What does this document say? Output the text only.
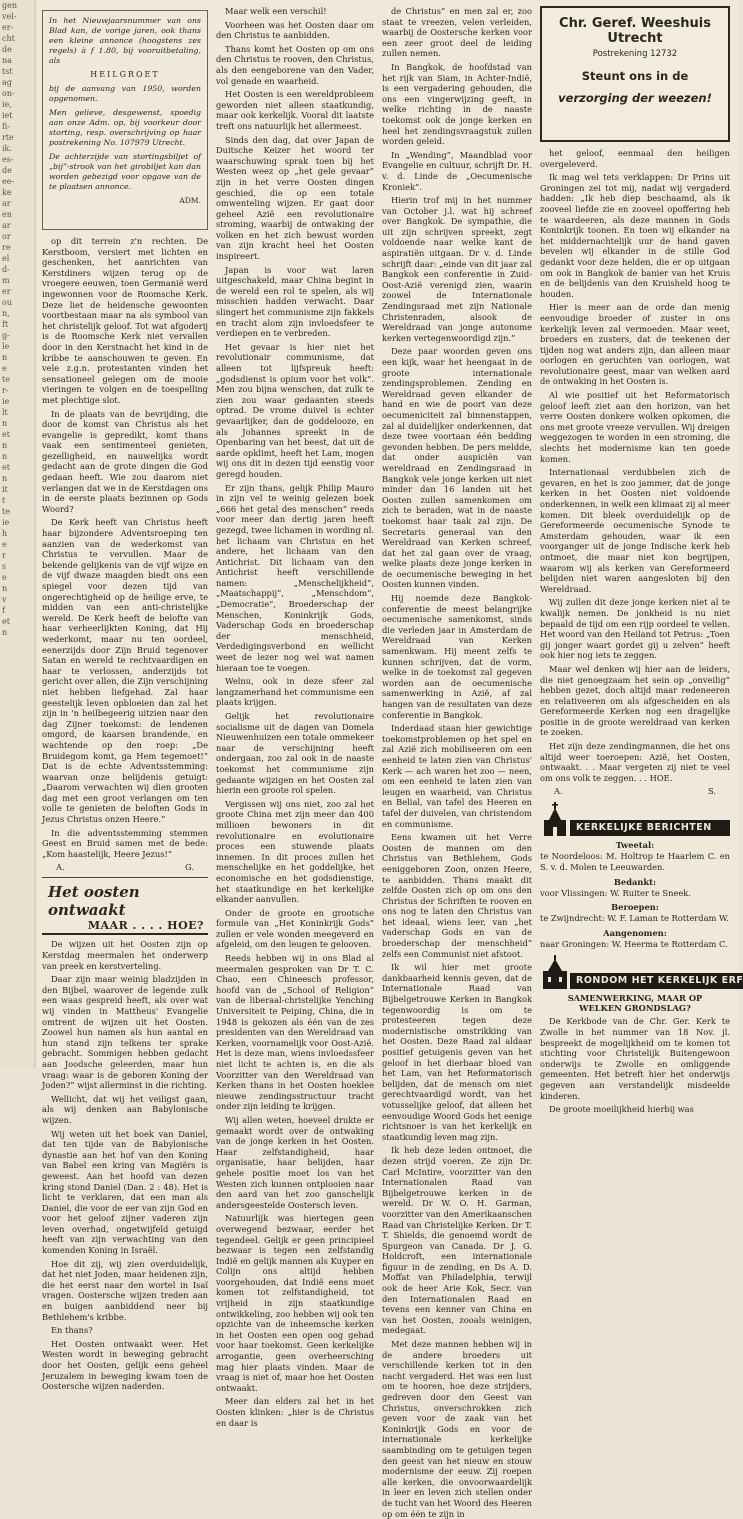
gen
vel-
er-
cht
de
na
tst
ag
on-
ie,
iet
fi-
rte
ik.
es-
de
ee-
ke
ar
en
ar
or
re
el
d-
m
er
ou
n,
ft
g-
le
n
e
te
r-
ie
lt
n
et
n
n
et
n
it
t
te
ie
h
e
r
s
e
n
v
f
et
n

In het Nieuwjaarsnummer van ons Blad kan, de vorige jaren, ook thans een kleine annonce (hoogstens zes regels) à f 1.80, bij vooruitbetaling, als

HEILGROET

bij de aanvang van 1950, worden opgenomen.

Men gelieve, desgewenst, spoedig aan onze Adm. op, bij voorkeur door storting, resp. overschrijving op haar postrekening No. 107979 Utrecht.

De achterzijde van stortingsbiljet of „bij”-strook van het girobiljet kan dan worden gebezigd voor opgave van de te plaatsen annonce.

ADM.

op dit terrein z'n rechten. De Kerstboom, versiert met lichten en geschenken, het aanrichten van Kerstdiners wijzen terug op de vroegere eeuwen, toen Germanië werd ingewonnen voor de Roomsche Kerk. Deze liet de heidensche gewoonten voortbestaan maar na als symbool van het christelijk geloof. Tot wat afgoderij is de Roomsche Kerk niet vervallen door in den Kerstnacht het kind in de kribbe te aanschouwen te geven. En vele z.g.n. protestanten vinden het sensationeel gelegen om de mooie vieringen te volgen en de toespelling met plechtige slot.

In de plaats van de bevrijding, die door de komst van Christus als het evangelie is gepredikt, komt thans vaak een sentimenteel genieten, gezelligheid, en nauwelijks wordt gedacht aan de grote dingen die God gedaan heeft. Wie zou daarom niet verlangen dat we in de Kerstdagen ons in de eerste plaats bezinnen op Gods Woord?

De Kerk heeft van Christus heeft haar bijzondere Adventsroeping ten aanzien van de wederkomst van Christus te vervullen. Maar de bekende gelijkenis van de vijf wijze en de vijf dwaze maagden biedt ons een spiegel voor dezen tijd van ongerechtigheid op de heilige erve, te midden van een anti-christelijke wereld. De Kerk heeft de belofte van haar verheerlijkten Koning, dat Hij wederkomt, maar nu ten oordeel, eenerzijds door Zijn Bruid tegenover Satan en wereld te rechtvaardigen en haar te verlossen, anderzijds tot gericht over allen, die Zijn verschijning niet hebben liefgehad. Zal haar geestelijk leven opbloeien dan zal het zijn in 'n heilbegeerig uitzien naar den dag Zijner toekomst: de lendenen omgord, de kaarsen brandende, en wachtende op den roep: „De Bruidegom komt, ga Hem tegemoet!” Dat is de echte Adventsstemming: waarvan onze belijdenis getuigt: „Daarom verwachten wij dien grooten dag met een groot verlangen om ten volle te genieten de beloften Gods in Jezus Christus onzen Heere.”

In die adventsstemming stemmen Geest en Bruid samen met de bede: „Kom haastelijk, Heere Jezus!”

A.	G.
Het oosten ontwaakt
MAAR . . . . HOE?

De wijzen uit het Oosten zijn op Kerstdag meermalen het onderwerp van preek en kerstverteling.

Daar zijn maar weinig bladzijden in den Bijbel, waarover de legende zulk een waas gespreid heeft, als over wat wij vinden in Mattheus' Evangelie omtrent de wijzen uit het Oosten. Zoowel hun namen als hun aantal en hun stand zijn telkens ter sprake gebracht. Sommigen hebben gedacht aan Joodsche geleerden, maar hun vraag: waar is de geboren Koning der Joden?” wijst allerminst in die richting.

Wellicht, dat wij het veiligst gaan, als wij denken aan Babylonische wijzen.

Wij weten uit het boek van Daniel, dat ten tijde van de Babylonische dynastie aan het hof van den Koning van Babel een kring van Magiërs is geweest. Aan het hoofd van dezen kring stond Daniel (Dan. 2 : 48). Het is licht te verklaren, dat een man als Daniel, die voor de eer van zijn God en voor het geloof zijner vaderen zijn leven overhad, ongetwijfeld getuigd heeft van zijn verwachting van den komenden Koning in Israël.

Hoe dit zij, wij zien overduidelijk, dat het niet Joden, maar heidenen zijn, die het eerst naar den wortel in Isaï vragen. Oostersche wijzen treden aan en buigen aanbiddend neer bij Bethlehem's kribbe.

En thans?

Het Oosten ontwaakt weer. Het Westen wordt in beweging gebracht door het Oosten, gelijk eens geheel Jeruzalem in beweging kwam toen de Oostersche wijzen naderden.

Maar welk een verschil!

Voorheen was het Oosten daar om den Christus te aanbidden.

Thans komt het Oosten op om ons den Christus te rooven, den Christus, als den eengeborene van den Vader, vol genade en waarheid.

Het Oosten is een wereldprobleem geworden niet alleen staatkundig, maar ook kerkelijk. Vooral dit laatste treft ons natuurlijk het allermeest.

Sinds den dag, dat over Japan de Duitsche Keizer het woord ter waarschuwing sprak toen bij het Westen weez op „het gele gevaar” zijn in het verre Oosten dingen geschied, die op een totale omwenteling wijzen. Er gaat door geheel Azië een revolutionaire stroming, waarbij de ontwaking der volken en het zich bewust worden van zijn kracht heel het Oosten inspireert.

Japan is voor wat laren uitgeschakeld, maar China begint in de wereld een rol te spelen, als wij misschien hadden verwacht. Daar slingert het communisme zijn fakkels en tracht alom zijn invloedsfeer te verdiepen en te verbreden.

Het gevaar is hier niet het revolutionair communisme, dat alleen tot lijfspreuk heeft: „godsdienst is opium voor het volk”. Men zou bijna wenschen, dat zulk te zien zou waar gedaanten steeds optrad. De vrome duivel is echter gevaarlijker, dan de goddelooze, en als Johannes spreekt in de Openbaring van het beest, dat uit de aarde opklimt, heeft het Lam, mogen wij ons dit in dezen tijd eenstig voor geregd houden.

Er zijn thans, gelijk Philip Mauro in zijn vel te weinig gelezen boek „666 het getal des menschen” reeds voor meer dan dertig jaren heeft gezegd, twee lichamen in wording nl. het lichaam van Christus en het andere, het lichaam van den Antichrist. Dit lichaam van den Antichrist heeft verschillende namen: „Menschelijkheid”, „Maatschappij”, „Menschdom”, „Democratie”, Broederschap der Menschen, Koninkrijk Gods, Vaderschap Gods en broederschap der menschheid, Verdedigingsverbond en wellicht weet de lezer nog wel wat namen hieraan toe te voegen.

Welnu, ook in deze sfeer zal langzamerhand het communisme een plaats krijgen.

Gelijk het revolutionaire socialisme uit de dagen van Domela Nieuwenhuizen een totale ommekeer naar de verschijning heeft ondergaan, zoo zal ook in de naaste toekomst het communisme zijn gedaante wijzigen en het Oosten zal hierin een groote rol spelen.

Vergissen wij ons niet, zoo zal het groote China met zijn meer dan 400 millioen bewoners in dit revolutionaire en evolutionaire proces een stuwende plaats innemen. In dit proces zullen het menschelijke en het goddelijke, het economische en het godsdienstige, het staatkundige en het kerkelijke elkander aanvullen.

Onder de groote en grootsche formule van „Het Koninkrijk Gods” zullen er vele wonden meegeverd en afgeleid, om den leugen te gelooven.

Reeds hebben wij in ons Blad al meermalen gesproken van Dr T. C. Chao, een Chineesch professor, hoofd van de „School of Religion” van de liberaal-christelijke Yenching Universiteit te Peiping, China, die in 1948 is gekozen als één van de zes presidenten van den Wereldraad van Kerken, voornamelijk voor Oost-Azië. Het is deze man, wiens invloedssfeer niet licht te achten is, en die als Voorzitter van den Wereldraad van Kerken thans in het Oosten hoeklee nieuwe zendingsstructuur tracht onder zijn leiding te krijgen.

Wij allen weten, hoeveel drukte er gemaakt wordt over de ontwaking van de jonge kerken in het Oosten. Haar zelfstandigheid, haar organisatie, haar belijden, haar gehele positie moet los van het Westen zich kunnen ontplooien naar den aard van het zoo ganschelijk andersgeestelde Oostersch leven.

Natuurlijk was hiertegen geen overwegend bezwaar, eerder het tegendeel. Gelijk er geen principieel bezwaar is tegen een zelfstandig Indië en gelijk mannen als Kuyper en Colijn ons altijd hebben voorgehouden, dat Indië eens moet komen tot zelfstandigheid, tot vrijheid in zijn staatkundige ontwikkeling, zoo hebben wij ook ten opzichte van de inheemsche kerken in het Oosten een open oog gehad voor haar toekomst. Geen kerkelijke arrogantie, geen overheersching mag hier plaats vinden. Maar de vraag is niet of, maar hoe het Oosten ontwaakt.

Meer dan elders zal het in het Oosten klinken: „hier is de Christus en daar is

de Christus” en men zal er, zoo staat te vreezen, velen verleiden, waarbij de Oostersche kerken voor een zeer groot deel de leiding zullen nemen.

In Bangkok, de hoofdstad van het rijk van Siam, in Achter-Indië, is een vergadering gehouden, die ons een vingerwijzing geeft, in welke richting in de naaste toekomst ook de jonge kerken en heel het zendingsvraagstuk zullen worden geleid.

In „Wending”, Maandblad voor Evangelie en cultuur, schrijft Dr. H. v. d. Linde de „Oecumenische Kroniek”.

Hierin trof mij in het nummer van October j.l. wat hij schreef over Bangkok. De sympathie, die uit zijn schrijven spreekt, zegt voldoende naar welke kant de aspiratiën uitgaan. Dr v. d. Linde schrijft daar: „einde van dit jaar zal Bangkok een conferentie in Zuid-Oost-Azië verenigd zien, waarin zoowel de Internationale Zendingsraad met zijn Nationale Christenraden, alsook de Wereldraad van jonge autonome kerken vertegenwoordigd zijn.”

Deze paar woorden geven ons een kijk, waar het heengaat in de groote internationale zendingsproblemen. Zending en Wereldraad geven elkander de hand en wie de poort van deze oecumeniciteit zal binnenstappen, zal al duidelijker onderkennen, dat deze twee voortaan één bedding gevonden hebben. De pers meldde, dat onder auspiciën van wereldraad en Zendingsraad in Bangkok vele jonge kerken uit niet minder dan 16 landen uit het Oosten zullen samenkomen om zich te beraden, wat in de naaste toekomst haar taak zal zijn. De Secretaris generaal van den Wereldraad van Kerken schreef, dat het zal gaan over de vraag, welke plaats deze jonge kerken in de oecumenische beweging in het Oosten kunnen vinden.

Hij noemde deze Bangkok-conferentie de meest belangrijke oecumenische samenkomst, sinds die verleden jaar in Amsterdam de Wereldraad van Kerken samenkwam. Hij meent zelfs te kunnen schrijven, dat de vorm, welke in de toekomst zal gegeven worden aan de oecumenische samenwerking in Azië, af zal hangen van de resultaten van deze conferentie in Bangkok.

Inderdaad staan hier gewichtige toekomstproblemen op het spel en zal Azië zich mobiliseeren om een eenheid te laten zien van Christus' Kerk — ach waren het zoo — neen, om een eenheid te laten zien van leugen en waarheid, van Christus en Belial, van tafel des Heeren en tafel der duivelen, van christendom en communisme.

Eens kwamen uit het Verre Oosten de mannen om den Christus van Bethlehem, Gods eeniggeboren Zoon, onzen Heere, te aanbidden. Thans maakt dit zelfde Oosten zich op om ons den Christus der Schriften te rooven en ons nog te laten den Christus van het ideaal, wiens leer, van „het vaderschap Gods en van de broederschap der menschheid” zelfs een Communist niet afstoot.

Ik wil hier met groote dankbaarheid kennis geven, dat de Internationale Raad van Bijbelgetrouwe Kerken in Bangkok tegenwoordig is om te protesteeren tegen deze modernistische omstrikking van het Oosten. Deze Raad zal aldaar positief getuigenis geven van het geloof in het dierbaar bloed van het Lam, van het Reformatorisch belijden, dat de mensch om niet gerechtvaardigd wordt, van het votusselijke geloof, dat alleen het eenvoudige Woord Gods het eenige richtsnoer is van het kerkelijk en staatkundig leven mag zijn.

Ik heb deze leden ontmoet, die dezen strijd voeren. Ze zijn Dr. Carl McIntire, voorzitter van den Internationalen Raad van Bijbelgetrouwe kerken in de wereld. Dr W. O. H. Garman, voorzitter van den Amerikaanschen Raad van Christelijke Kerken. Dr T. T. Shields, die genoemd wordt de Spurgeon van Canada. Dr J. G. Holdcroft, een internationale figuur in de zending, en Ds A. D. Moffat van Philadelphia, terwijl ook de heer Arie Kok, Secr. van den Internationalen Raad en tevens een kenner van China en van het Oosten, zooals weinigen, medegaat.

Met deze mannen hebben wij in de andere broeders uit verschillende kerken tot in den nacht vergaderd. Het was een lust om te hooren, hoe deze strijders, gedreven door den Geest van Christus, onverschrokken zich geven voor de zaak van het Koninkrijk Gods en voor de internationale kerkelijke saambinding om te getuigen tegen den geest van het nieuw en stouw modernisme der eeuw. Zij roepen alle kerken, die onvoorwaardelijk in leer en leven zich stellen onder de tucht van het Woord des Heeren op om één te zijn in

Chr. Geref. Weeshuis
Utrecht
Postrekening 12732
Steunt ons in de
verzorging der weezen!

het geloof, eenmaal den heiligen overgeleverd.

Ik mag wel tets verklappen: Dr Prins uit Groningen zei tot mij, nadat wij vergaderd hadden: „Ik heb diep beschaamd, als ik zooveel liefde zie en zooveel opoffering heb te waardeeren, als deze mannen in Gods Koninkrijk toonen. En toen wij elkander na het middernachtelijk uur de hand gaven bevelen wij elkander in de stille God gedankt voor deze helden, die er op uitgaan om ook in Bangkok de banier van het Kruis en de belijdenis van den Kruisheld hoog te houden.

Hier is meer aan de orde dan menig eenvoudige broeder of zuster in ons kerkelijk leven zal vermoeden. Maar weet, broeders en zusters, dat de teekenen der tijden nog wat anders zijn, dan alleen maar oorlogen en geruchten van oorlogen, wat revolutionaire geest, maar van welken aard de ontwaking in het Oosten is.

Al wie positief uit het Reformatorisch geloof leeft ziet aan den horizon, van het verre Oosten donkere wolken opkomen, die ons met groote vreeze vervullen. Wij dreigen weggezogen te worden in een stroming, die slechts het modernisme kan ten goede komen.

Internationaal verdubbelen zich de gevaren, en het is zoo jammer, dat de jonge kerken in het Oosten niet voldoende onderkennen, in welk een klimaat zij al meer komen. Dit bleek overduidelijk op de Gereformeerde oecumenische Synode te Amsterdam gehouden, waar ik een voorganger uit de jonge Indische kerk heb ontmoet, die maar niet kon begrijpen, waarom wij als kerken van Gereformeerd belijden niet waren aangesloten bij den Wereldraad.

Wij zullen dit deze jonge kerken niet al te kwalijk nemen. De jonkheid is nu niet bepaald de tijd om een rijp oordeel te vellen. Het woord van den Heiland tot Petrus: „Toen gij jonger waart gordet gij u zelven” heeft ook hier nog iets te zeggen.

Maar wel denken wij hier aan de leiders, die niet genoegzaam het sein op „onveilig” hebben gezet, doch altijd maar redeneeren en relativeeren om als afgescheiden en als Gereformeerde Kerken nog een dragelijke positie in de groote wereldraad van kerken te zoeken.

Het zijn deze zendingmannen, die het ons altijd weer toeroepen: Azië, het Oosten, ontwaakt. . . Maar vergeten zij niet te veel om ons volk te zeggen. . . HOE.

A.	S.
KERKELIJKE BERICHTEN
Tweetal:

te Noordeloos: M. Holtrop te Haarlem C. en S. v. d. Molen te Leeuwarden.

Bedankt:

voor Vlissingen: W. Ruiter te Sneek.

Beroepen:

te Zwijndrecht: W. F. Laman te Rotterdam W.

Aangenomen:

naar Groningen: W. Heerma te Rotterdam C.

RONDOM HET KERKELIJK ERF
SAMENWERKING, MAAR OP
WELKEN GRONDSLAG?

De Kerkbode van de Chr. Ger. Kerk te Zwolle in het nummer van 18 Nov. jl. bespreekt de mogelijkheid om te komen tot stichting voor Christelijk Buitengewoon onderwijs te Zwolle en omliggende gemeenten. Het betreft hier het onderwijs gegeven aan verstandelijk misdeelde kinderen.

De groote moeilijkheid hierbij was
